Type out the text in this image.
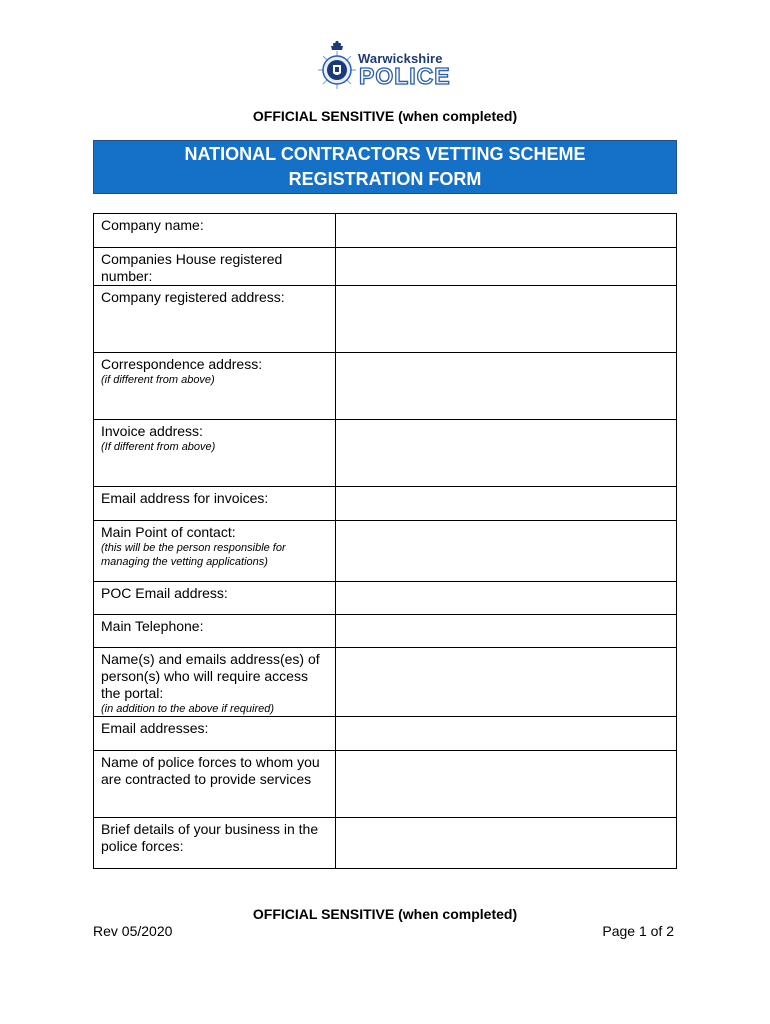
Warwickshire
POLICE
OFFICIAL SENSITIVE (when completed)
NATIONAL CONTRACTORS VETTING SCHEME
REGISTRATION FORM
Company name:	
Companies House registered number:	
Company registered address:	
Correspondence address:
(if different from above)	

Invoice address:
(If different from above)	

Email address for invoices:	
Main Point of contact:
(this will be the person responsible for managing the vetting applications)	

POC Email address:	
Main Telephone:	
Name(s) and emails address(es) of person(s) who will require access the portal:
(in addition to the above if required)	

Email addresses:	
Name of police forces to whom you are contracted to provide services	
Brief details of your business in the police forces:	
OFFICIAL SENSITIVE (when completed)
Rev 05/2020	Page 1 of 2
